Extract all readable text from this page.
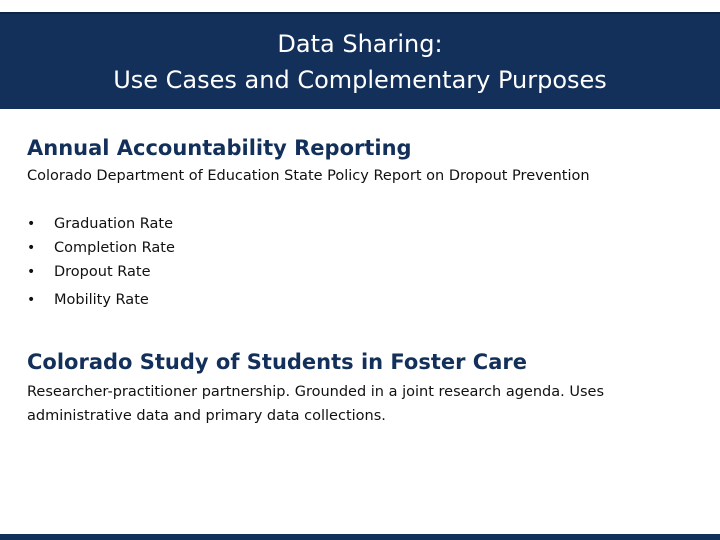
Data Sharing:
Use Cases and Complementary Purposes
Annual Accountability Reporting
Colorado Department of Education State Policy Report on Dropout Prevention
•	Graduation Rate
•	Completion Rate
•	Dropout Rate
•	Mobility Rate
Colorado Study of Students in Foster Care
Researcher-practitioner partnership. Grounded in a joint research agenda. Uses
administrative data and primary data collections.
